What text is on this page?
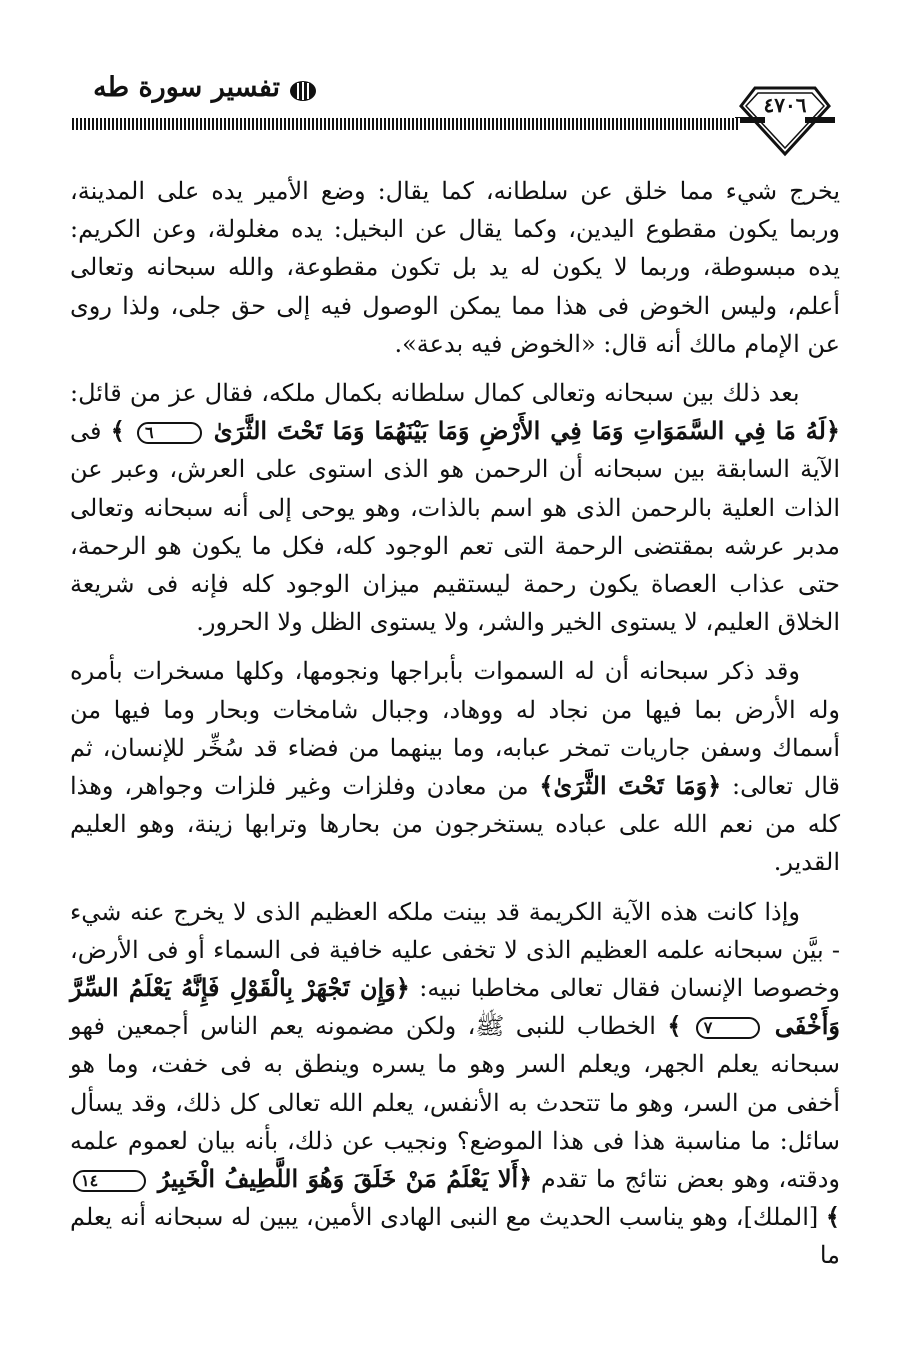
٤٧٠٦
تفسير سورة طه

يخرج شيء مما خلق عن سلطانه، كما يقال: وضع الأمير يده على المدينة، وربما يكون مقطوع اليدين، وكما يقال عن البخيل: يده مغلولة، وعن الكريم: يده مبسوطة، وربما لا يكون له يد بل تكون مقطوعة، والله سبحانه وتعالى أعلم، وليس الخوض فى هذا مما يمكن الوصول فيه إلى حق جلى، ولذا روى عن الإمام مالك أنه قال: «الخوض فيه بدعة».

بعد ذلك بين سبحانه وتعالى كمال سلطانه بكمال ملكه، فقال عز من قائل: ﴿لَهُ مَا فِي السَّمَوَاتِ وَمَا فِي الأَرْضِ وَمَا بَيْنَهُمَا وَمَا تَحْتَ الثَّرَىٰ ٦ ﴾ فى الآية السابقة بين سبحانه أن الرحمن هو الذى استوى على العرش، وعبر عن الذات العلية بالرحمن الذى هو اسم بالذات، وهو يوحى إلى أنه سبحانه وتعالى مدبر عرشه بمقتضى الرحمة التى تعم الوجود كله، فكل ما يكون هو الرحمة، حتى عذاب العصاة يكون رحمة ليستقيم ميزان الوجود كله فإنه فى شريعة الخلاق العليم، لا يستوى الخير والشر، ولا يستوى الظل ولا الحرور.

وقد ذكر سبحانه أن له السموات بأبراجها ونجومها، وكلها مسخرات بأمره وله الأرض بما فيها من نجاد له ووهاد، وجبال شامخات وبحار وما فيها من أسماك وسفن جاريات تمخر عبابه، وما بينهما من فضاء قد سُخِّر للإنسان، ثم قال تعالى: ﴿وَمَا تَحْتَ الثَّرَىٰ﴾ من معادن وفلزات وغير فلزات وجواهر، وهذا كله من نعم الله على عباده يستخرجون من بحارها وترابها زينة، وهو العليم القدير.

وإذا كانت هذه الآية الكريمة قد بينت ملكه العظيم الذى لا يخرج عنه شيء - بيَّن سبحانه علمه العظيم الذى لا تخفى عليه خافية فى السماء أو فى الأرض، وخصوصا الإنسان فقال تعالى مخاطبا نبيه: ﴿وَإِن تَجْهَرْ بِالْقَوْلِ فَإِنَّهُ يَعْلَمُ السِّرَّ وَأَخْفَى ٧ ﴾ الخطاب للنبى ﷺ، ولكن مضمونه يعم الناس أجمعين فهو سبحانه يعلم الجهر، ويعلم السر وهو ما يسره وينطق به فى خفت، وما هو أخفى من السر، وهو ما تتحدث به الأنفس، يعلم الله تعالى كل ذلك، وقد يسأل سائل: ما مناسبة هذا فى هذا الموضع؟ ونجيب عن ذلك، بأنه بيان لعموم علمه ودقته، وهو بعض نتائج ما تقدم ﴿أَلا يَعْلَمُ مَنْ خَلَقَ وَهُوَ اللَّطِيفُ الْخَبِيرُ ١٤ ﴾ [الملك]، وهو يناسب الحديث مع النبى الهادى الأمين، يبين له سبحانه أنه يعلم ما
